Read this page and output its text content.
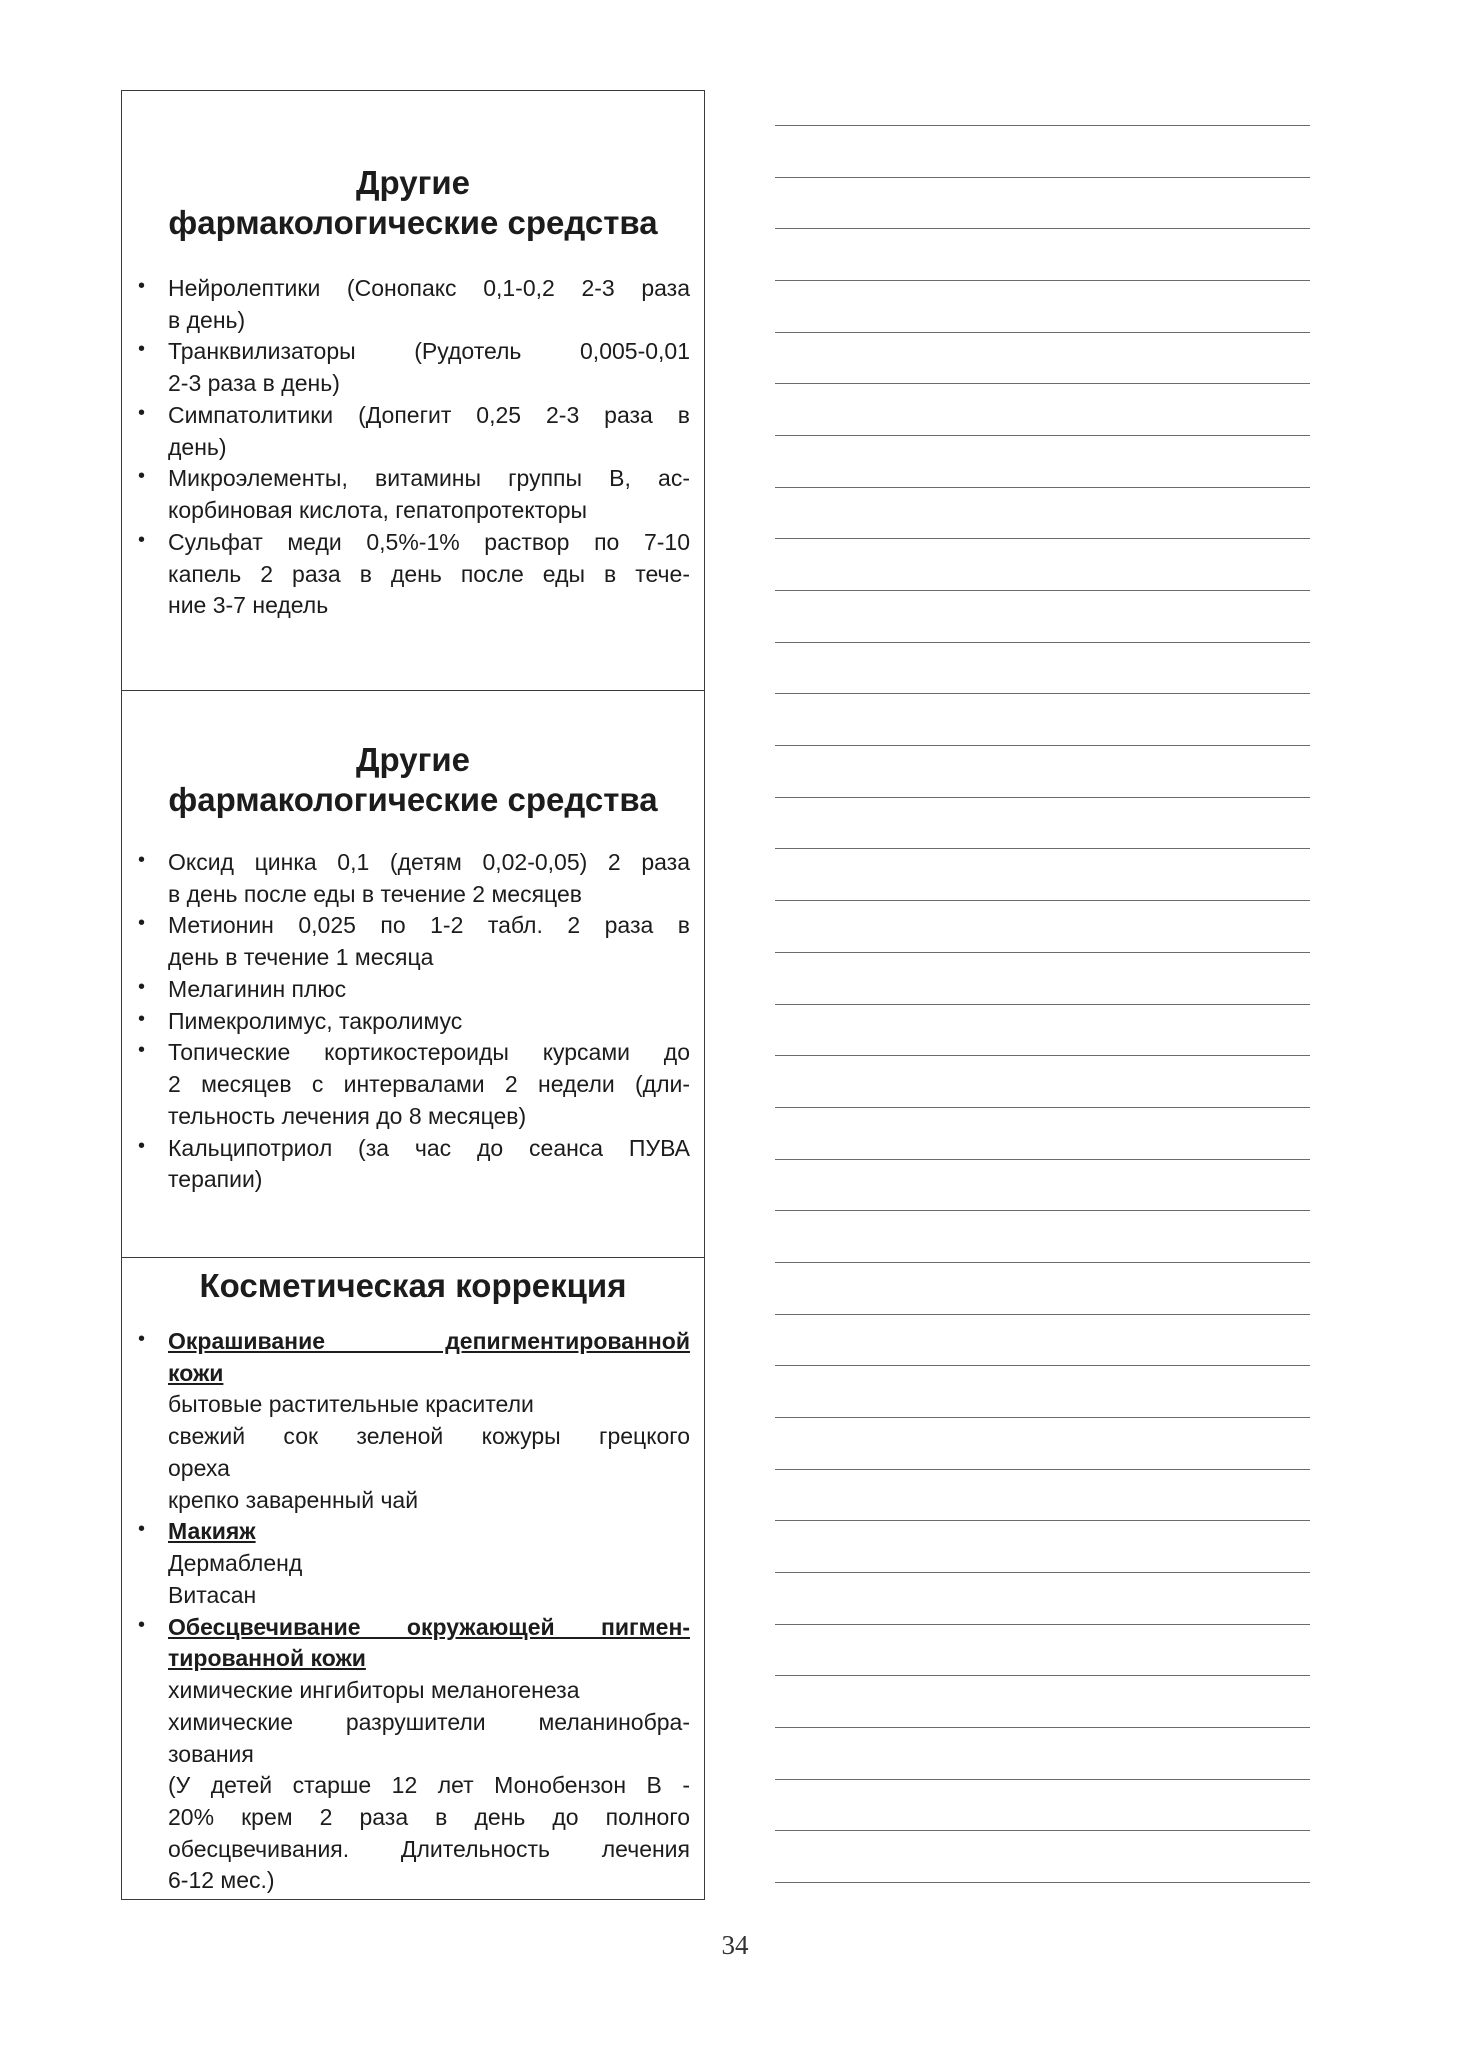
Другие
фармакологические средства
• Нейролептики (Сонопакс 0,1-0,2 2-3 раза
в день)
• Транквилизаторы (Рудотель 0,005-0,01
2-3 раза в день)
• Симпатолитики (Допегит 0,25 2-3 раза в
день)
• Микроэлементы, витамины группы В, ас-
корбиновая кислота, гепатопротекторы
• Сульфат меди 0,5%-1% раствор по 7-10
капель 2 раза в день после еды в тече-
ние 3-7 недель
Другие
фармакологические средства
• Оксид цинка 0,1 (детям 0,02-0,05) 2 раза
в день после еды в течение 2 месяцев
• Метионин 0,025 по 1-2 табл. 2 раза в
день в течение 1 месяца
• Мелагинин плюс
• Пимекролимус, такролимус
• Топические кортикостероиды курсами до
2 месяцев с интервалами 2 недели (дли-
тельность лечения до 8 месяцев)
• Кальципотриол (за час до сеанса ПУВА
терапии)
Косметическая коррекция
• Окрашивание депигментированной
кожи
бытовые растительные красители
свежий сок зеленой кожуры грецкого
ореха
крепко заваренный чай
• Макияж
Дермабленд
Витасан
• Обесцвечивание окружающей пигмен-
тированной кожи
химические ингибиторы меланогенеза
химические разрушители меланинобра-
зования
(У детей старше 12 лет Монобензон В -
20% крем 2 раза в день до полного
обесцвечивания. Длительность лечения
6-12 мес.)
34
